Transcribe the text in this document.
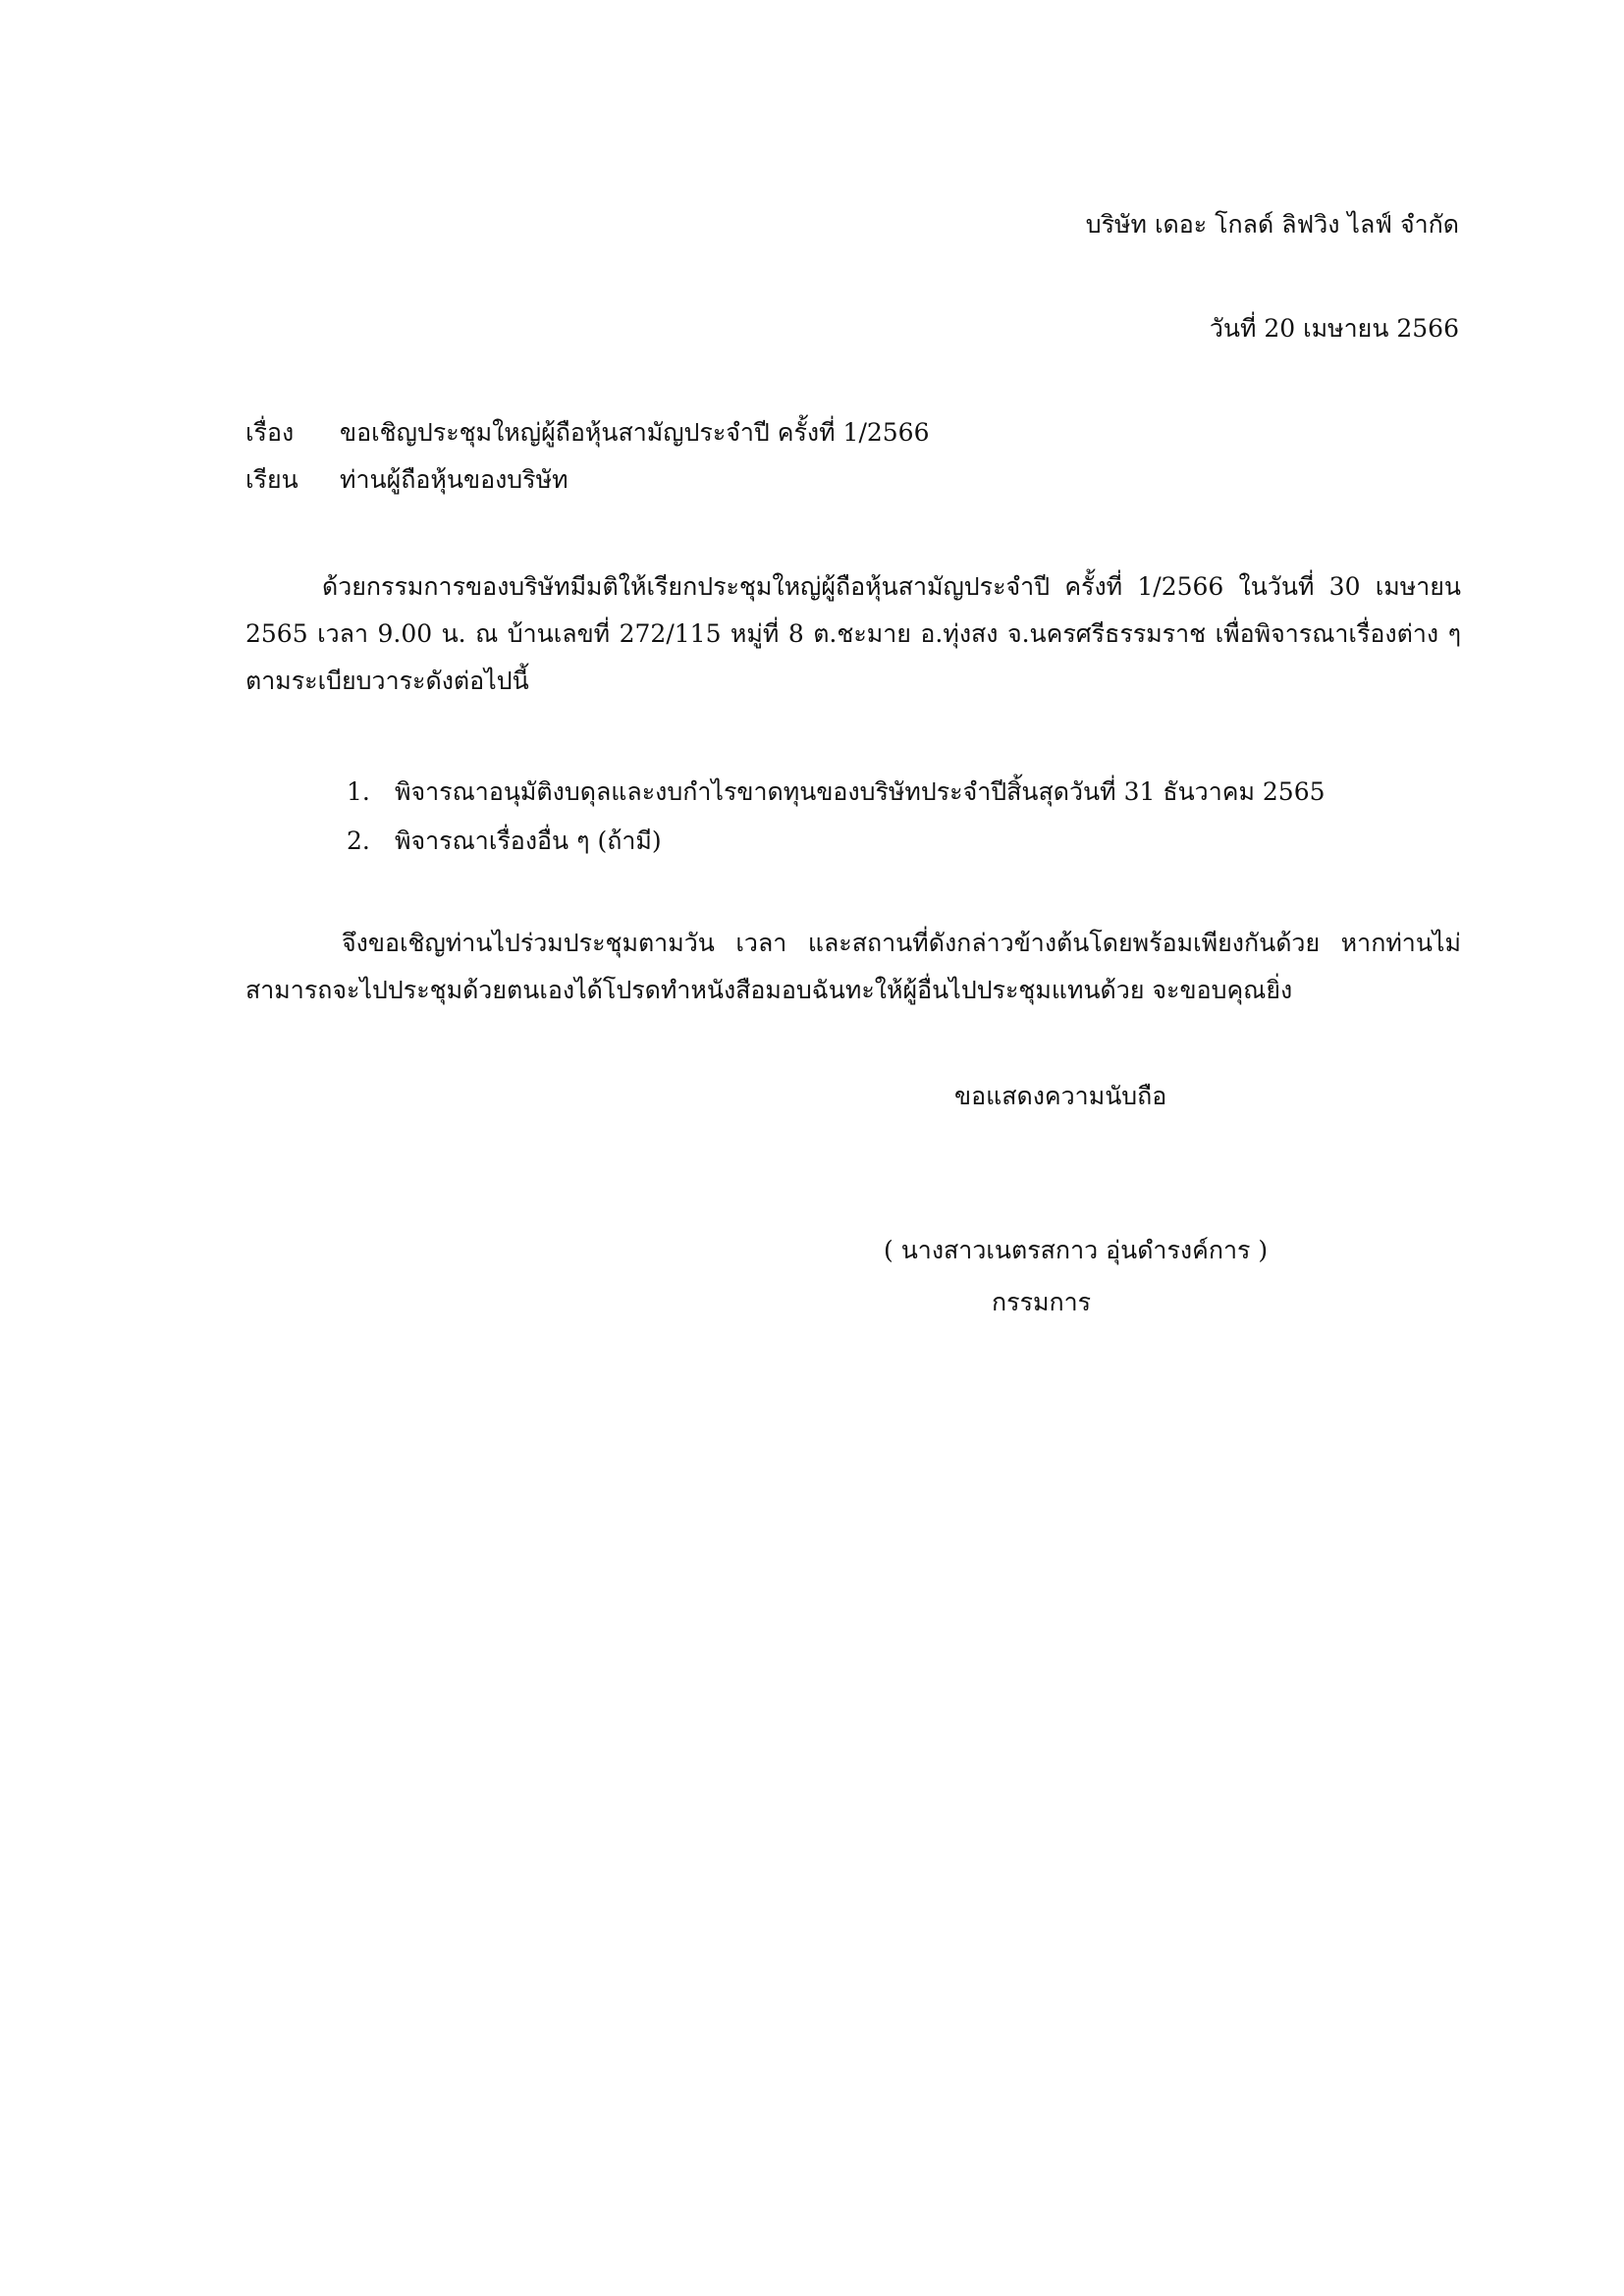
บริษัท เดอะ โกลด์ ลิฟวิง ไลฟ์ จำกัด
วันที่ 20 เมษายน 2566
เรื่อง ขอเชิญประชุมใหญ่ผู้ถือหุ้นสามัญประจำปี ครั้งที่ 1/2566
เรียน ท่านผู้ถือหุ้นของบริษัท
ด้วยกรรมการของบริษัทมีมติให้เรียกประชุมใหญ่ผู้ถือหุ้นสามัญประจำปี ครั้งที่ 1/2566 ในวันที่ 30 เมษายน 2565 เวลา 9.00 น. ณ บ้านเลขที่ 272/115 หมู่ที่ 8 ต.ชะมาย อ.ทุ่งสง จ.นครศรีธรรมราช เพื่อพิจารณาเรื่องต่าง ๆ ตามระเบียบวาระดังต่อไปนี้
1. พิจารณาอนุมัติงบดุลและงบกำไรขาดทุนของบริษัทประจำปีสิ้นสุดวันที่ 31 ธันวาคม 2565
2. พิจารณาเรื่องอื่น ๆ (ถ้ามี)
จึงขอเชิญท่านไปร่วมประชุมตามวัน เวลา และสถานที่ดังกล่าวข้างต้นโดยพร้อมเพียงกันด้วย หากท่านไม่สามารถจะไปประชุมด้วยตนเองได้โปรดทำหนังสือมอบฉันทะให้ผู้อื่นไปประชุมแทนด้วย จะขอบคุณยิ่ง
ขอแสดงความนับถือ
( นางสาวเนตรสกาว อุ่นดำรงค์การ )
กรรมการ
